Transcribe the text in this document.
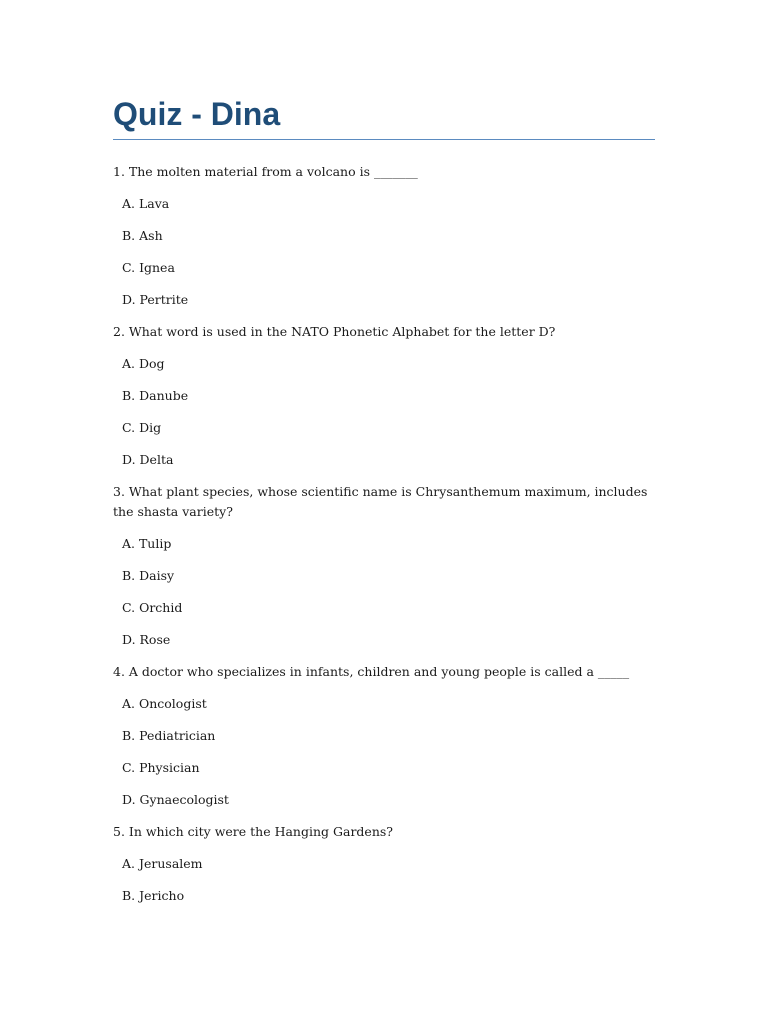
Quiz - Dina

1. The molten material from a volcano is _______

A. Lava

B. Ash

C. Ignea

D. Pertrite

2. What word is used in the NATO Phonetic Alphabet for the letter D?

A. Dog

B. Danube

C. Dig

D. Delta

3. What plant species, whose scientific name is Chrysanthemum maximum, includes the shasta variety?

A. Tulip

B. Daisy

C. Orchid

D. Rose

4. A doctor who specializes in infants, children and young people is called a _____

A. Oncologist

B. Pediatrician

C. Physician

D. Gynaecologist

5. In which city were the Hanging Gardens?

A. Jerusalem

B. Jericho
